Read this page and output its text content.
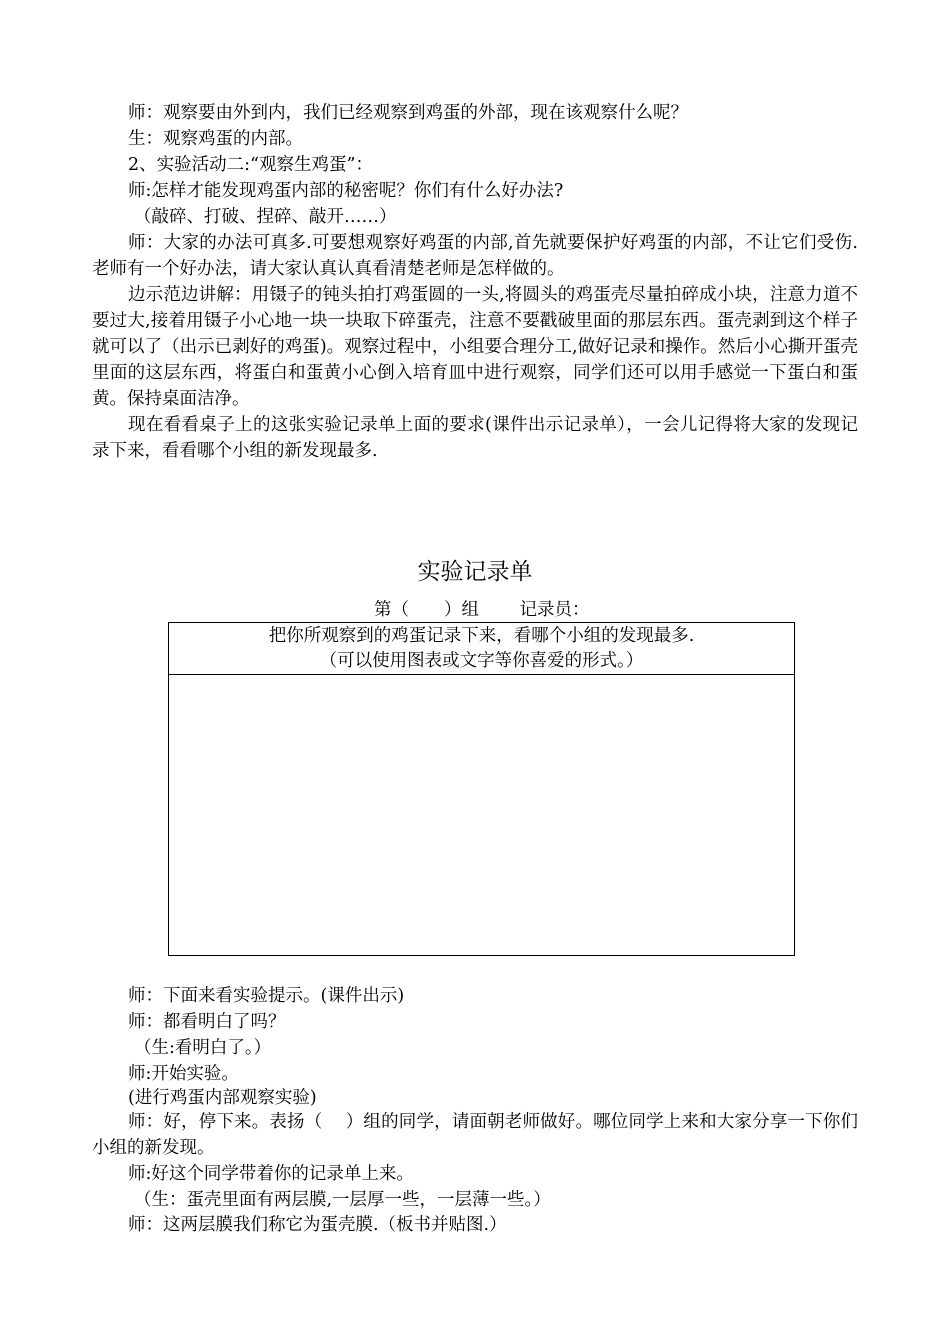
师：观察要由外到内，我们已经观察到鸡蛋的外部，现在该观察什么呢？
生：观察鸡蛋的内部。
2、实验活动二:“观察生鸡蛋”：
师:怎样才能发现鸡蛋内部的秘密呢？你们有什么好办法?
（敲碎、打破、捏碎、敲开……）

师：大家的办法可真多.可要想观察好鸡蛋的内部,首先就要保护好鸡蛋的内部，不让它们受伤.老师有一个好办法，请大家认真认真看清楚老师是怎样做的。

边示范边讲解：用镊子的钝头拍打鸡蛋圆的一头,将圆头的鸡蛋壳尽量拍碎成小块，注意力道不要过大,接着用镊子小心地一块一块取下碎蛋壳，注意不要戳破里面的那层东西。蛋壳剥到这个样子就可以了（出示已剥好的鸡蛋)。观察过程中，小组要合理分工,做好记录和操作。然后小心撕开蛋壳里面的这层东西，将蛋白和蛋黄小心倒入培育皿中进行观察，同学们还可以用手感觉一下蛋白和蛋黄。保持桌面洁净。

现在看看桌子上的这张实验记录单上面的要求(课件出示记录单），一会儿记得将大家的发现记录下来，看看哪个小组的新发现最多.

实验记录单
第（　　）组　　 记录员：
把你所观察到的鸡蛋记录下来，看哪个小组的发现最多.
（可以使用图表或文字等你喜爱的形式。）
师：下面来看实验提示。(课件出示)
师：都看明白了吗？
（生:看明白了。）
师:开始实验。
(进行鸡蛋内部观察实验)

师：好，停下来。表扬（　 ）组的同学，请面朝老师做好。哪位同学上来和大家分享一下你们小组的新发现。

师:好这个同学带着你的记录单上来。
（生：蛋壳里面有两层膜,一层厚一些，一层薄一些。）
师：这两层膜我们称它为蛋壳膜.（板书并贴图.）
